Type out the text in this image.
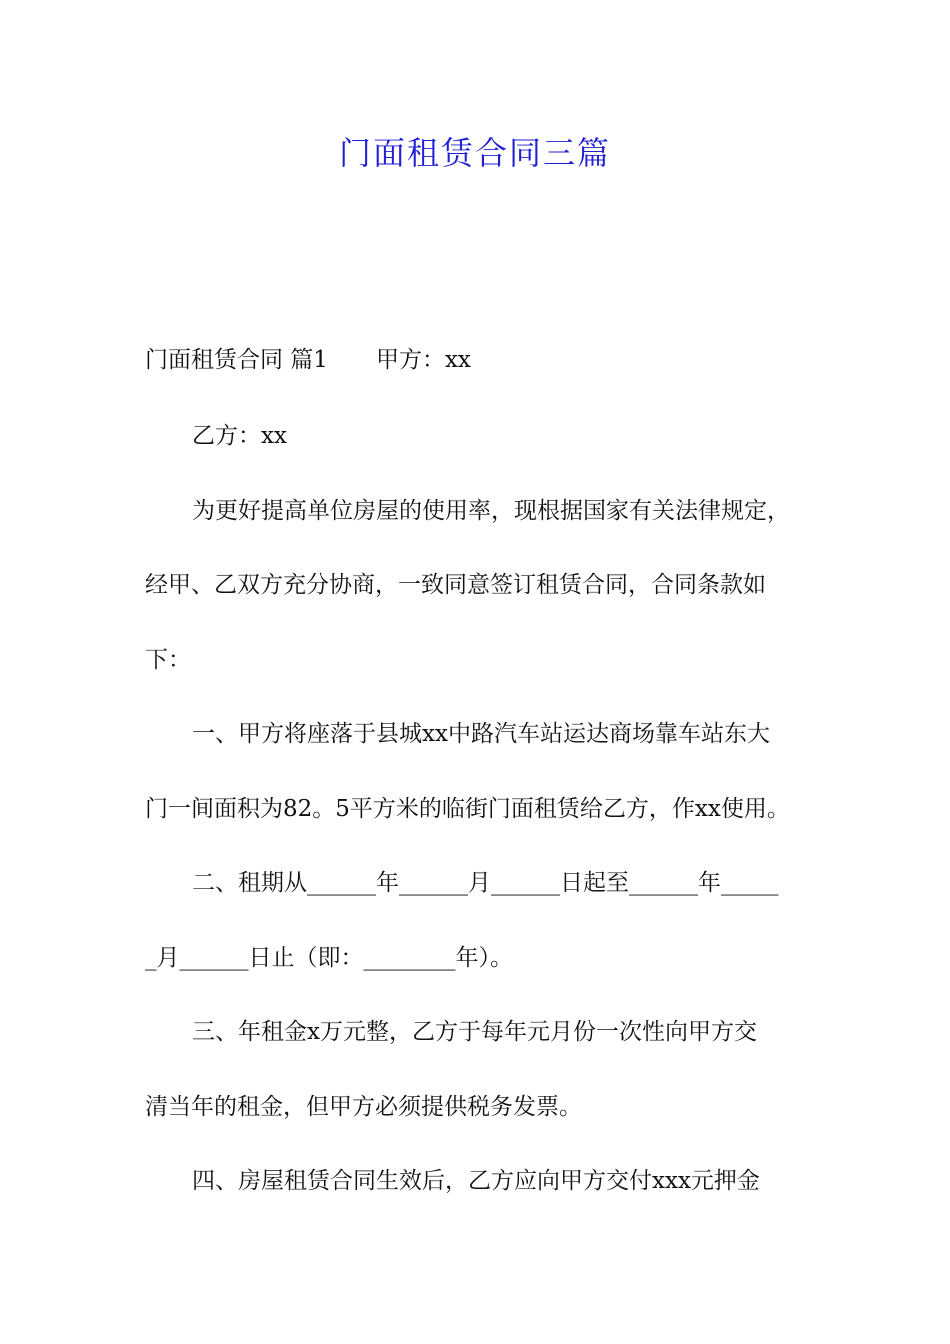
门面租赁合同三篇

门面租赁合同 篇1 甲方：xx

乙方：xx

为更好提高单位房屋的使用率，现根据国家有关法律规定，

经甲、乙双方充分协商，一致同意签订租赁合同，合同条款如

下：

一、甲方将座落于县城xx中路汽车站运达商场靠车站东大

门一间面积为82。5平方米的临街门面租赁给乙方，作xx使用。

二、租期从______年______月______日起至______年_____

_月______日止（即：________年）。

三、年租金x万元整，乙方于每年元月份一次性向甲方交

清当年的租金，但甲方必须提供税务发票。

四、房屋租赁合同生效后，乙方应向甲方交付xxx元押金
